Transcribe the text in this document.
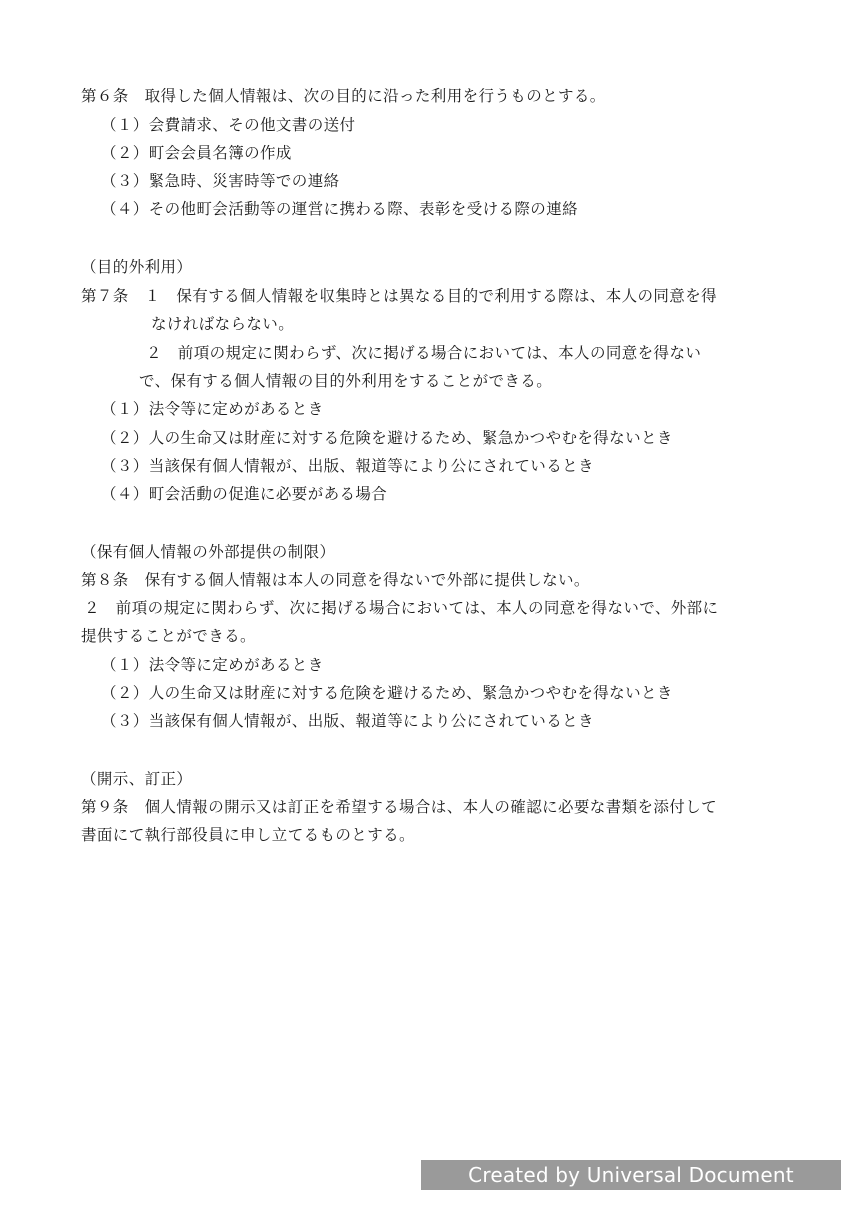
第６条　取得した個人情報は、次の目的に沿った利用を行うものとする。
（１）会費請求、その他文書の送付
（２）町会会員名簿の作成
（３）緊急時、災害時等での連絡
（４）その他町会活動等の運営に携わる際、表彰を受ける際の連絡
（目的外利用）
第７条　１　保有する個人情報を収集時とは異なる目的で利用する際は、本人の同意を得
なければならない。
２　前項の規定に関わらず、次に掲げる場合においては、本人の同意を得ない
で、保有する個人情報の目的外利用をすることができる。
（１）法令等に定めがあるとき
（２）人の生命又は財産に対する危険を避けるため、緊急かつやむを得ないとき
（３）当該保有個人情報が、出版、報道等により公にされているとき
（４）町会活動の促進に必要がある場合
（保有個人情報の外部提供の制限）
第８条　保有する個人情報は本人の同意を得ないで外部に提供しない。
２　前項の規定に関わらず、次に掲げる場合においては、本人の同意を得ないで、外部に
提供することができる。
（１）法令等に定めがあるとき
（２）人の生命又は財産に対する危険を避けるため、緊急かつやむを得ないとき
（３）当該保有個人情報が、出版、報道等により公にされているとき
（開示、訂正）
第９条　個人情報の開示又は訂正を希望する場合は、本人の確認に必要な書類を添付して
書面にて執行部役員に申し立てるものとする。
Created by Universal Document Converter
